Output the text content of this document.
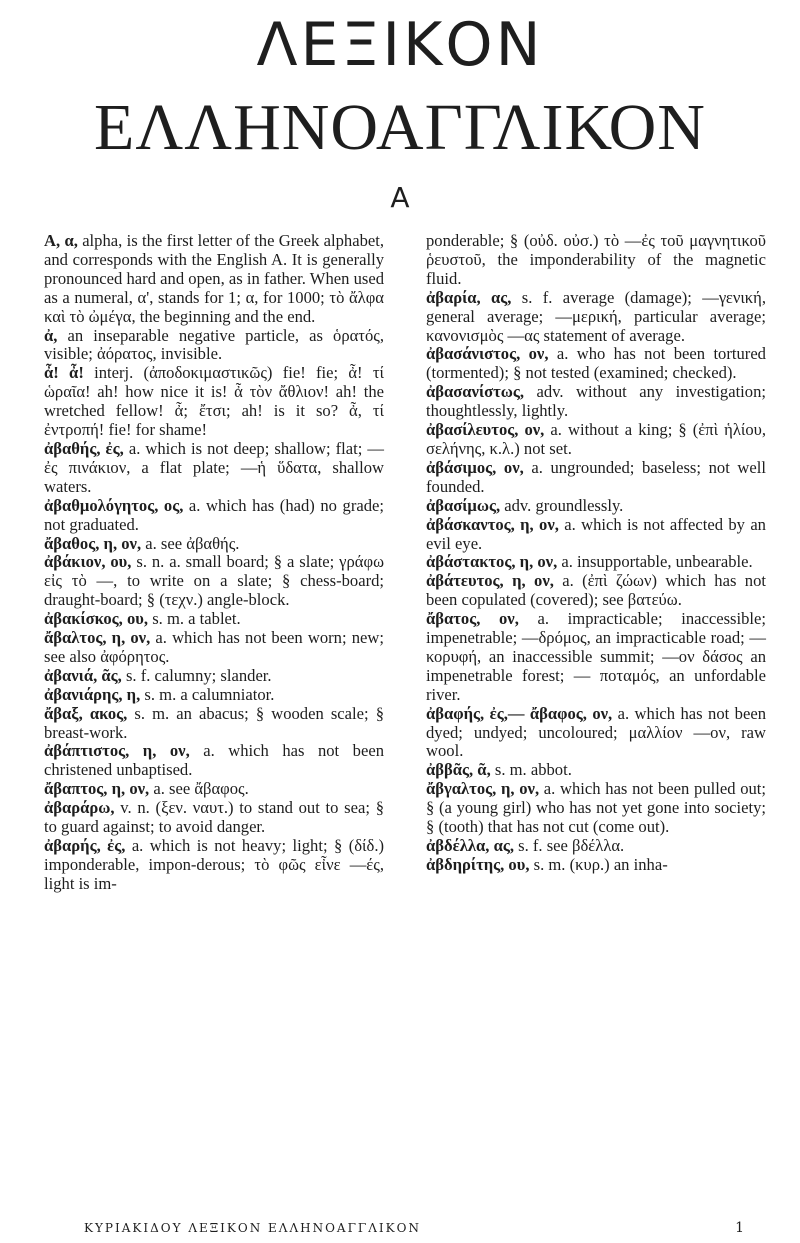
ΛΕΞΙΚΟΝ
ΕΛΛΗΝΟΑΓΓΛΙΚΟΝ
Α

Α, α, alpha, is the first letter of the Greek alphabet, and corresponds with the English A. It is generally pronounced hard and open, as in father. When used as a numeral, α', stands for 1; α, for 1000; τὸ ἄλφα καὶ τὸ ὠμέγα, the beginning and the end.

ἀ, an inseparable negative particle, as ὁρατός, visible; ἀόρατος, invisible.

ἆ! ἆ! interj. (ἀποδοκιμαστικῶς) fie! fie; ἆ! τί ὡραῖα! ah! how nice it is! ἆ τὸν ἄθλιον! ah! the wretched fellow! ἆ; ἔτσι; ah! is it so? ἆ, τί ἐντροπή! fie! for shame!

ἀβαθής, ἐς, a. which is not deep; shallow; flat; —ἐς πινάκιον, a flat plate; —ἡ ὕδατα, shallow waters.

ἀβαθμολόγητος, ος, a. which has (had) no grade; not graduated.

ἄβαθος, η, ον, a. see ἀβαθής.

ἀβάκιον, ου, s. n. a. small board; § a slate; γράφω εἰς τὸ —, to write on a slate; § chess-board; draught-board; § (τεχν.) angle-block.

ἀβακίσκος, ου, s. m. a tablet.

ἄβαλτος, η, ον, a. which has not been worn; new; see also ἀφόρητος.

ἀβανιά, ᾶς, s. f. calumny; slander.

ἀβανιάρης, η, s. m. a calumniator.

ἄβαξ, ακος, s. m. an abacus; § wooden scale; § breast-work.

ἀβάπτιστος, η, ον, a. which has not been christened unbaptised.

ἄβαπτος, η, ον, a. see ἄβαφος.

ἀβαράρω, v. n. (ξεν. ναυτ.) to stand out to sea; § to guard against; to avoid danger.

ἀβαρής, ἐς, a. which is not heavy; light; § (δίδ.) imponderable, impon-derous; τὸ φῶς εἶνε —ές, light is im-

ponderable; § (οὐδ. οὐσ.) τὸ —ἐς τοῦ μαγνητικοῦ ῥευστοῦ, the imponderability of the magnetic fluid.

ἀβαρία, ας, s. f. average (damage); —γενική, general average; —μερική, particular average; κανονισμὸς —ας statement of average.

ἀβασάνιστος, ον, a. who has not been tortured (tormented); § not tested (examined; checked).

ἀβασανίστως, adv. without any investigation; thoughtlessly, lightly.

ἀβασίλευτος, ον, a. without a king; § (ἐπὶ ἡλίου, σελήνης, κ.λ.) not set.

ἀβάσιμος, ον, a. ungrounded; baseless; not well founded.

ἀβασίμως, adv. groundlessly.

ἀβάσκαντος, η, ον, a. which is not affected by an evil eye.

ἀβάστακτος, η, ον, a. insupportable, unbearable.

ἀβάτευτος, η, ον, a. (ἐπὶ ζώων) which has not been copulated (covered); see βατεύω.

ἄβατος, ον, a. impracticable; inaccessible; impenetrable; —δρόμος, an impracticable road; — κορυφή, an inaccessible summit; —ον δάσος an impenetrable forest; — ποταμός, an unfordable river.

ἀβαφής, ἐς,— ἄβαφος, ον, a. which has not been dyed; undyed; uncoloured; μαλλίον —ον, raw wool.

ἀββᾶς, ᾶ, s. m. abbot.

ἄβγαλτος, η, ον, a. which has not been pulled out; § (a young girl) who has not yet gone into society; § (tooth) that has not cut (come out).

ἀβδέλλα, ας, s. f. see βδέλλα.

ἀβδηρίτης, ου, s. m. (κυρ.) an inha-

ΚΥΡΙΑΚΙΔΟΥ ΛΕΞΙΚΟΝ ΕΛΛΗΝΟΑΓΓΛΙΚΟΝ	1
